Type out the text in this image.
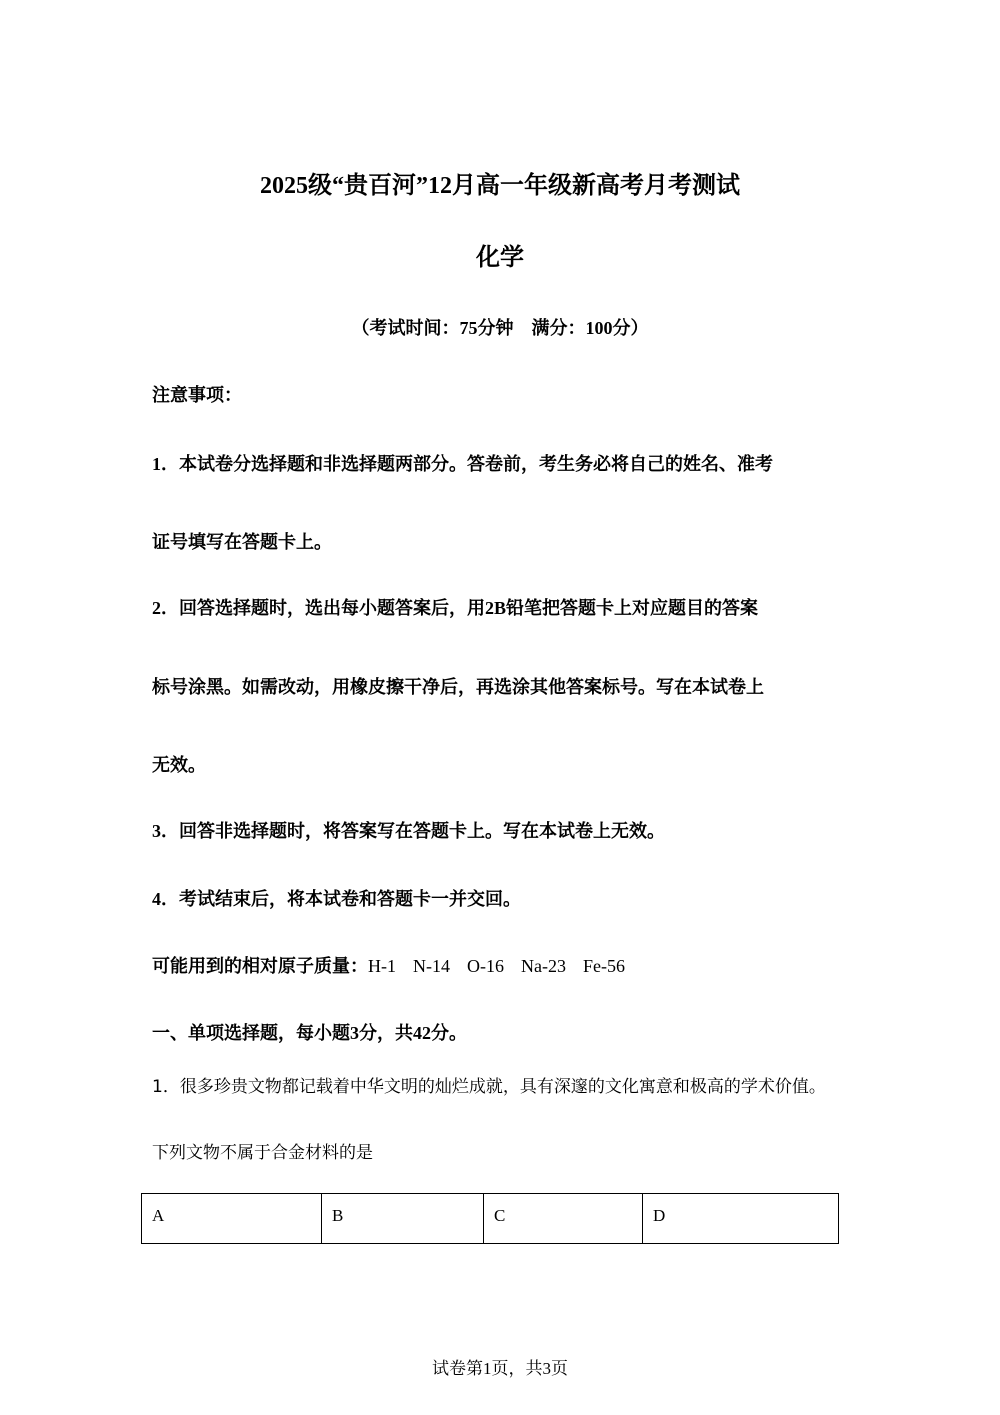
2025级“贵百河”12月高一年级新高考月考测试
化学
（考试时间：75分钟　满分：100分）
注意事项：
1．本试卷分选择题和非选择题两部分。答卷前，考生务必将自己的姓名、准考
证号填写在答题卡上。
2．回答选择题时，选出每小题答案后，用2B铅笔把答题卡上对应题目的答案
标号涂黑。如需改动，用橡皮擦干净后，再选涂其他答案标号。写在本试卷上
无效。
3．回答非选择题时，将答案写在答题卡上。写在本试卷上无效。
4．考试结束后，将本试卷和答题卡一并交回。
可能用到的相对原子质量：H-1 N-14 O-16 Na-23 Fe-56
一、单项选择题，每小题3分，共42分。
1．很多珍贵文物都记载着中华文明的灿烂成就，具有深邃的文化寓意和极高的学术价值。
下列文物不属于合金材料的是
A	B	C	D
试卷第1页，共3页
